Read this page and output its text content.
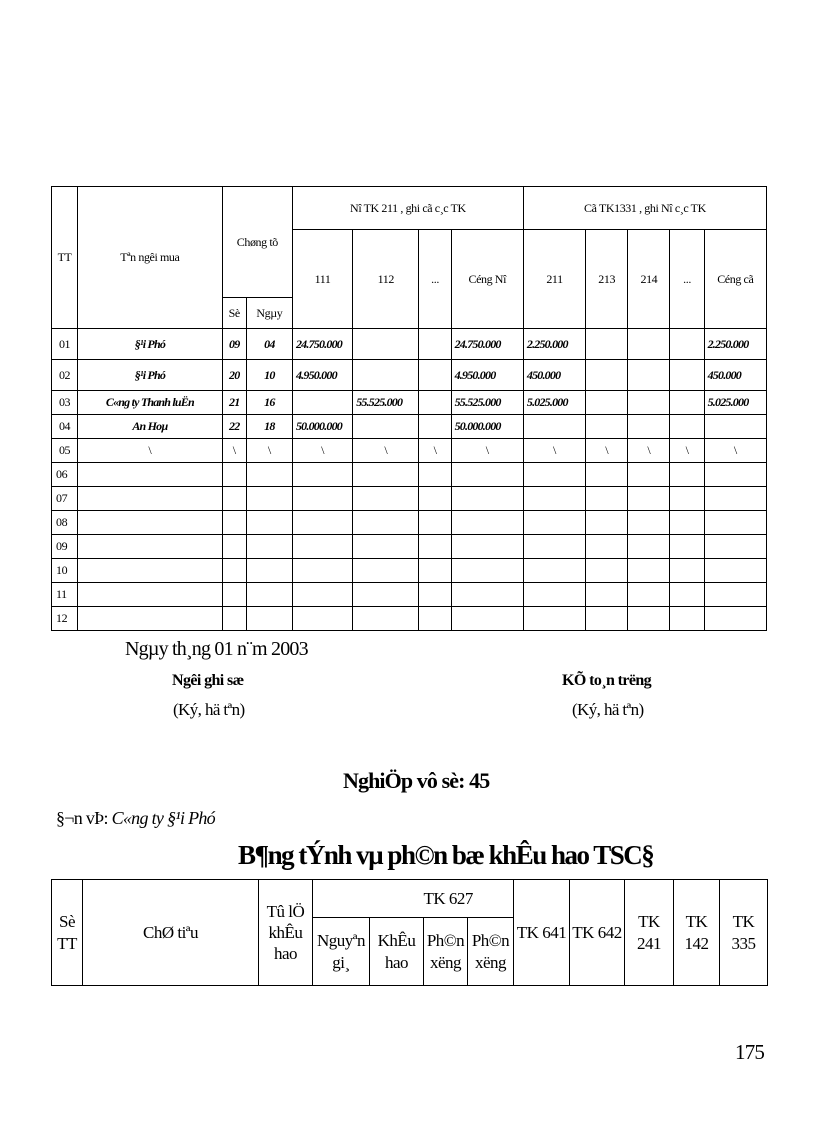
TT	Tªn ngêi mua	Chøng tõ		Nî TK 211 , ghi cã c¸c TK				Cã TK1331 , ghi Nî c¸c TK				
				111	112	...	Céng Nî	211	213	214	...	Céng cã
		Sè	Ngµy									
01	§¹i Phó	09	04	24.750.000			24.750.000	2.250.000				2.250.000
02	§¹i Phó	20	10	4.950.000			4.950.000	450.000				450.000
03	C«ng ty Thanh luËn	21	16		55.525.000		55.525.000	5.025.000				5.025.000
04	An Hoµ	22	18	50.000.000			50.000.000					
05	\	\	\	\	\	\	\	\	\	\	\	\
06												
07												
08												
09												
10												
11												
12												
Ngµy th¸ng 01 n¨m 2003
Ngêi ghi sæ
(Ký, hä tªn)
KÕ to¸n trëng
(Ký, hä tªn)
NghiÖp vô sè: 45
§¬n vÞ: C«ng ty §¹i Phó
B¶ng tÝnh vµ ph©n bæ khÊu hao TSC§
Sè TT	ChØ tiªu	Tû lÖ khÊu hao			TK 627		TK 641	TK 642	TK 241	TK 142	TK 335
			Nguyªn gi¸	KhÊu hao	Ph©n xëng	Ph©n xëng					
175
